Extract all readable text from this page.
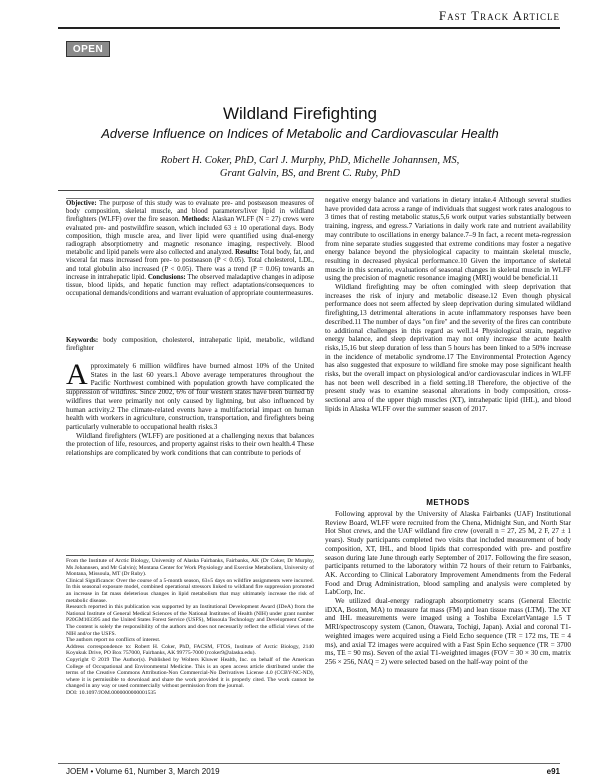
Fast Track Article
OPEN
Wildland Firefighting
Adverse Influence on Indices of Metabolic and Cardiovascular Health
Robert H. Coker, PhD, Carl J. Murphy, PhD, Michelle Johannsen, MS,
Grant Galvin, BS, and Brent C. Ruby, PhD

Objective: The purpose of this study was to evaluate pre- and postseason measures of body composition, skeletal muscle, and blood parameters/liver lipid in wildland firefighters (WLFF) over the fire season. Methods: Alaskan WLFF (N = 27) crews were evaluated pre- and postwildfire season, which included 63 ± 10 operational days. Body composition, thigh muscle area, and liver lipid were quantified using dual-energy radiograph absorptiometry and magnetic resonance imaging, respectively. Blood metabolic and lipid panels were also collected and analyzed. Results: Total body, fat, and visceral fat mass increased from pre- to postseason (P < 0.05). Total cholesterol, LDL, and total globulin also increased (P < 0.05). There was a trend (P = 0.06) towards an increase in intrahepatic lipid. Conclusions: The observed maladaptive changes in adipose tissue, blood lipids, and hepatic function may reflect adaptations/consequences to occupational demands/conditions and warrant evaluation of appropriate countermeasures.

Keywords: body composition, cholesterol, intrahepatic lipid, metabolic, wildland firefighter

Approximately 6 million wildfires have burned almost 10% of the United States in the last 60 years.1 Above average temperatures throughout the Pacific Northwest combined with population growth have complicated the suppression of wildfires. Since 2002, 6% of four western states have been burned by wildfires that were primarily not only caused by lightning, but also influenced by human activity.2 The climate-related events have a multifactorial impact on human health with workers in agriculture, construction, transportation, and firefighters being particularly vulnerable to occupational health risks.3

Wildland firefighters (WLFF) are positioned at a challenging nexus that balances the protection of life, resources, and property against risks to their own health.4 These relationships are complicated by work conditions that can contribute to periods of

From the Institute of Arctic Biology, University of Alaska Fairbanks, Fairbanks, AK (Dr Coker, Dr Murphy, Ms Johannsen, and Mr Galvin); Montana Center for Work Physiology and Exercise Metabolism, University of Montana, Missoula, MT (Dr Ruby).

Clinical Significance: Over the course of a 5-month season, 63±5 days on wildfire assignments were incurred. In this seasonal exposure model, combined operational stressors linked to wildland fire suppression promoted an increase in fat mass deleterious changes in lipid metabolism that may ultimately increase the risk of metabolic disease.

Research reported in this publication was supported by an Institutional Development Award (IDeA) from the National Institute of General Medical Sciences of the National Institutes of Health (NIH) under grant number P20GM103395 and the United States Forest Service (USFS), Missoula Technology and Development Center. The content is solely the responsibility of the authors and does not necessarily reflect the official views of the NIH and/or the USFS.

The authors report no conflicts of interest.

Address correspondence to: Robert H. Coker, PhD, FACSM, FTOS, Institute of Arctic Biology, 2140 Koyukuk Drive, PO Box 757000, Fairbanks, AK 99775-7000 (rcoker9@alaska.edu).

Copyright © 2019 The Author(s). Published by Wolters Kluwer Health, Inc. on behalf of the American College of Occupational and Environmental Medicine. This is an open access article distributed under the terms of the Creative Commons Attribution-Non Commercial-No Derivatives License 4.0 (CCBY-NC-ND), where it is permissible to download and share the work provided it is properly cited. The work cannot be changed in any way or used commercially without permission from the journal.

DOI: 10.1097/JOM.0000000000001535

negative energy balance and variations in dietary intake.4 Although several studies have provided data across a range of individuals that suggest work rates analogous to 3 times that of resting metabolic status,5,6 work output varies substantially between training, ingress, and egress.7 Variations in daily work rate and nutrient availability may contribute to oscillations in energy balance.7–9 In fact, a recent meta-regression from nine separate studies suggested that extreme conditions may foster a negative energy balance beyond the physiological capacity to maintain skeletal muscle, resulting in decreased physical performance.10 Given the importance of skeletal muscle in this scenario, evaluations of seasonal changes in skeletal muscle in WLFF using the precision of magnetic resonance imaging (MRI) would be beneficial.11

Wildland firefighting may be often comingled with sleep deprivation that increases the risk of injury and metabolic disease.12 Even though physical performance does not seem affected by sleep deprivation during simulated wildland firefighting,13 detrimental alterations in acute inflammatory responses have been described.11 The number of days "on fire" and the severity of the fires can contribute to additional challenges in this regard as well.14 Physiological strain, negative energy balance, and sleep deprivation may not only increase the acute health risks,15,16 but sleep duration of less than 5 hours has been linked to a 50% increase in the incidence of metabolic syndrome.17 The Environmental Protection Agency has also suggested that exposure to wildland fire smoke may pose significant health risks, but the overall impact on physiological and/or cardiovascular indices in WLFF has not been well described in a field setting.18 Therefore, the objective of the present study was to examine seasonal alterations in body composition, cross-sectional area of the upper thigh muscles (XT), intrahepatic lipid (IHL), and blood lipids in Alaska WLFF over the summer season of 2017.

METHODS

Following approval by the University of Alaska Fairbanks (UAF) Institutional Review Board, WLFF were recruited from the Chena, Midnight Sun, and North Star Hot Shot crews, and the UAF wildland fire crew (overall n = 27, 25 M, 2 F, 27 ± 1 years). Study participants completed two visits that included measurement of body composition, XT, IHL, and blood lipids that corresponded with pre- and postfire season during late June through early September of 2017. Following the fire season, participants returned to the laboratory within 72 hours of their return to Fairbanks, AK. According to Clinical Laboratory Improvement Amendments from the Federal Food and Drug Administration, blood sampling and analysis were completed by LabCorp, Inc.

We utilized dual-energy radiograph absorptiometry scans (General Electric iDXA, Boston, MA) to measure fat mass (FM) and lean tissue mass (LTM). The XT and IHL measurements were imaged using a Toshiba ExcelartVantage 1.5 T MRI/spectroscopy system (Canon, Ōtawara, Tochigi, Japan). Axial and coronal T1-weighted images were acquired using a Field Echo sequence (TR = 172 ms, TE = 4 ms), and axial T2 images were acquired with a Fast Spin Echo sequence (TR = 3700 ms, TE = 90 ms). Seven of the axial T1-weighted images (FOV = 30 × 30 cm, matrix 256 × 256, NAQ = 2) were selected based on the half-way point of the

JOEM • Volume 61, Number 3, March 2019	e91
